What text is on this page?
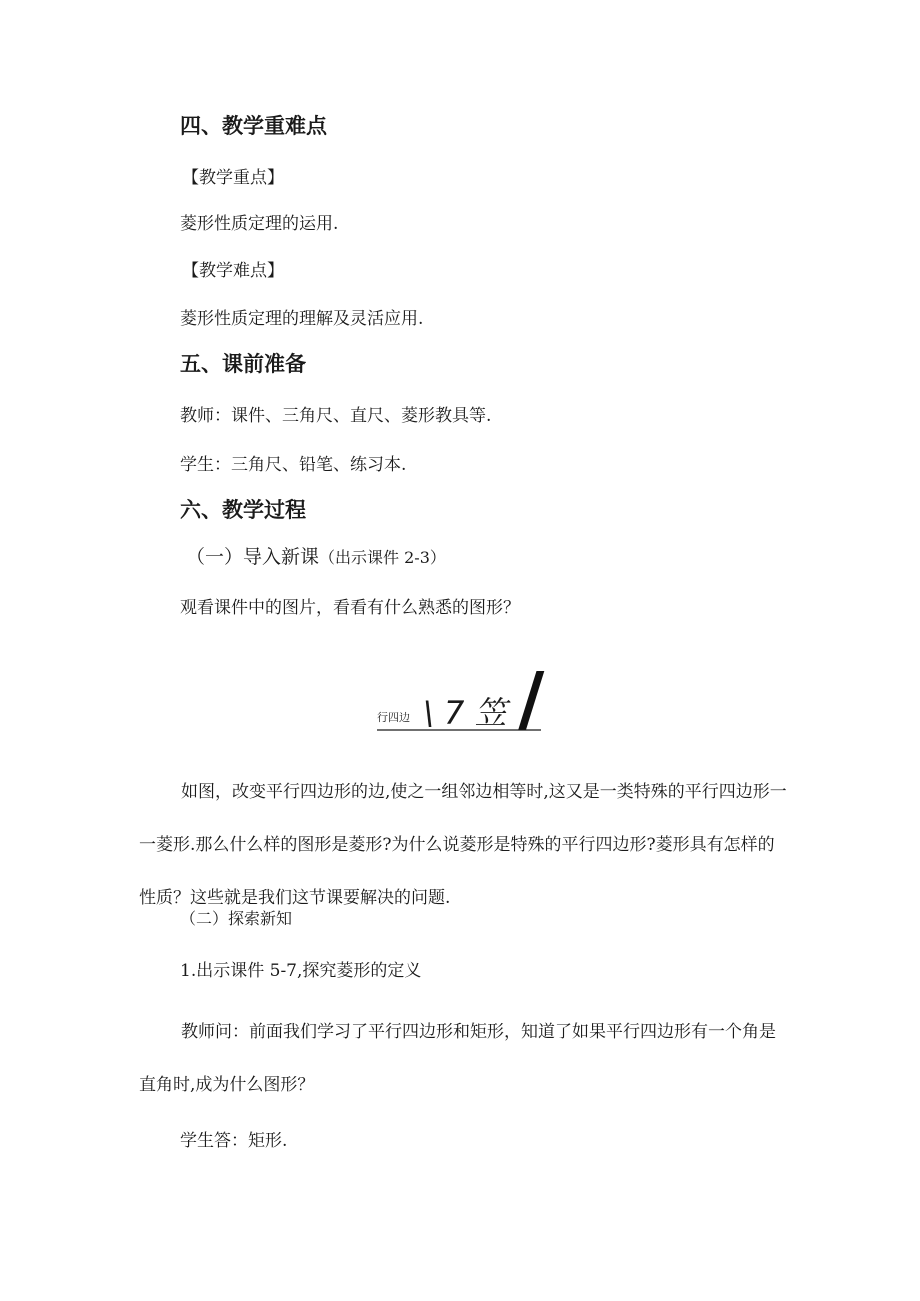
四、教学重难点
【教学重点】
菱形性质定理的运用.
【教学难点】
菱形性质定理的理解及灵活应用.
五、课前准备
教师：课件、三角尺、直尺、菱形教具等.
学生：三角尺、铅笔、练习本.
六、教学过程
（一）导入新课（出示课件 2-3）
观看课件中的图片，看看有什么熟悉的图形？
行四边 \ 7 笠 /

如图，改变平行四边形的边,使之一组邻边相等时,这又是一类特殊的平行四边形一一菱形.那么什么样的图形是菱形?为什么说菱形是特殊的平行四边形?菱形具有怎样的性质？这些就是我们这节课要解决的问题.

（二）探索新知
1.出示课件 5-7,探究菱形的定义

教师问：前面我们学习了平行四边形和矩形，知道了如果平行四边形有一个角是直角时,成为什么图形？

学生答：矩形.
